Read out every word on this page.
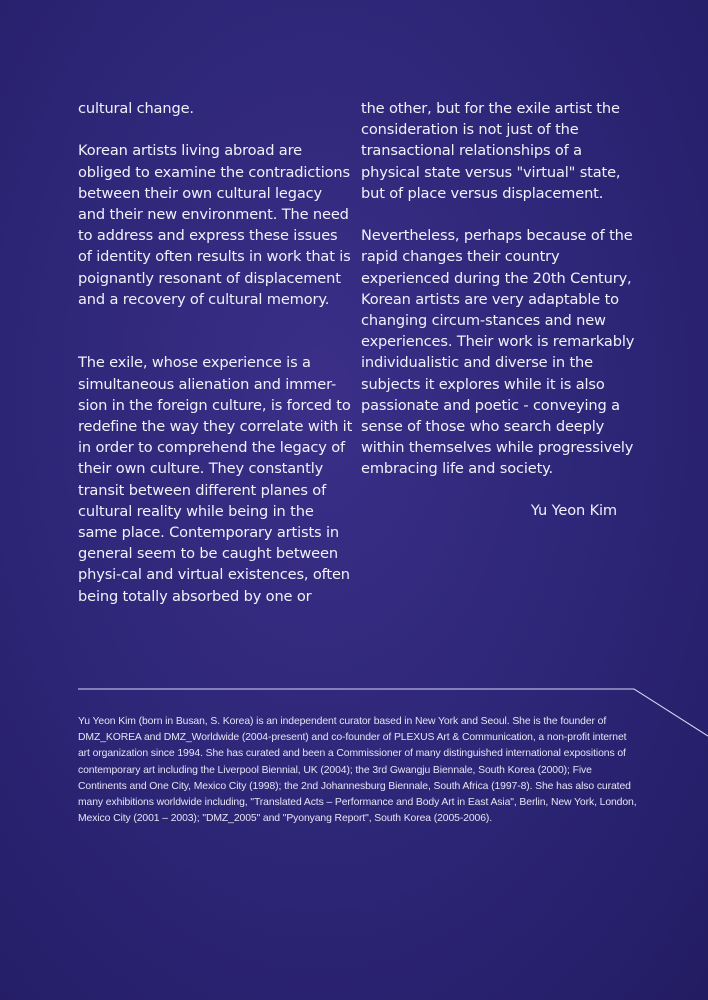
cultural change.

Korean artists living abroad are obliged to examine the contradictions between their own cultural legacy and their new environment. The need to address and express these issues of identity often results in work that is poignantly resonant of displacement and a recovery of cultural memory.

The exile, whose experience is a simultaneous alienation and immer-sion in the foreign culture, is forced to redefine the way they correlate with it in order to comprehend the legacy of their own culture. They constantly transit between different planes of cultural reality while being in the same place. Contemporary artists in general seem to be caught between physi-cal and virtual existences, often being totally absorbed by one or

the other, but for the exile artist the consideration is not just of the transactional relationships of a physical state versus "virtual" state, but of place versus displacement.

Nevertheless, perhaps because of the rapid changes their country experienced during the 20th Century, Korean artists are very adaptable to changing circum-stances and new experiences. Their work is remarkably individualistic and diverse in the subjects it explores while it is also passionate and poetic - conveying a sense of those who search deeply within themselves while progressively embracing life and society.

Yu Yeon Kim

Yu Yeon Kim (born in Busan, S. Korea) is an independent curator based in New York and Seoul. She is the founder of DMZ_KOREA and DMZ_Worldwide (2004-present) and co-founder of PLEXUS Art & Communication, a non-profit internet art organization since 1994. She has curated and been a Commissioner of many distinguished international expositions of contemporary art including the Liverpool Biennial, UK (2004); the 3rd Gwangju Biennale, South Korea (2000); Five Continents and One City, Mexico City (1998); the 2nd Johannesburg Biennale, South Africa (1997-8). She has also curated many exhibitions worldwide including, "Translated Acts – Performance and Body Art in East Asia", Berlin, New York, London, Mexico City (2001 – 2003); "DMZ_2005" and "Pyonyang Report", South Korea (2005-2006).
